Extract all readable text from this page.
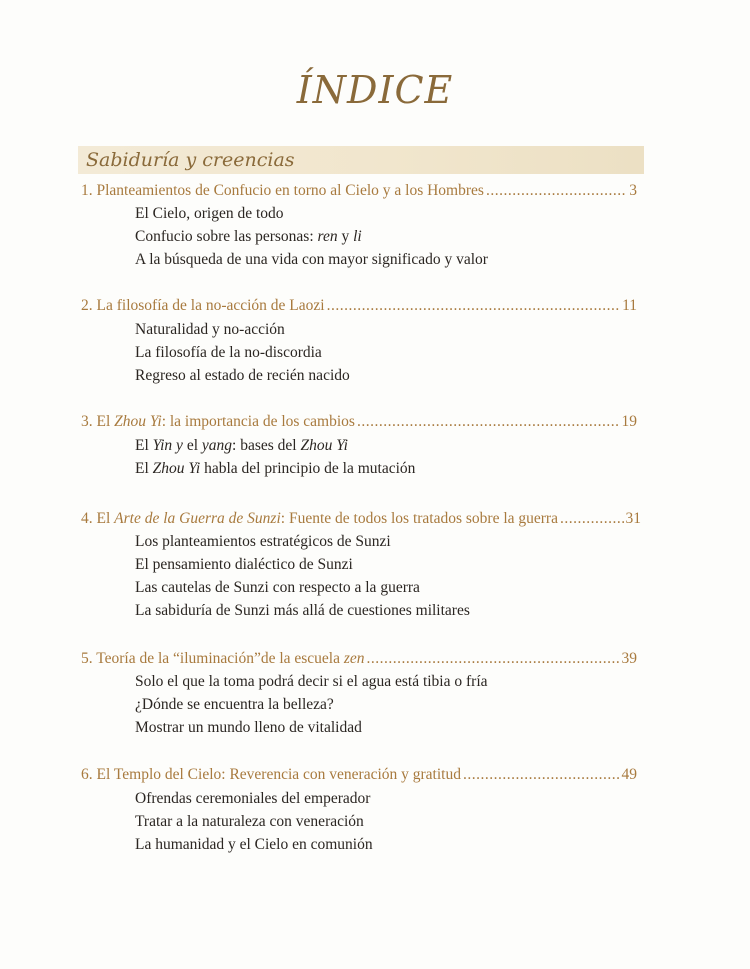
ÍNDICE
Sabiduría y creencias
1. Planteamientos de Confucio en torno al Cielo y a los Hombres .....	3
El Cielo, origen de todo
Confucio sobre las personas: ren y li
A la búsqueda de una vida con mayor significado y valor
2. La filosofía de la no-acción de Laozi .....	11
Naturalidad y no-acción
La filosofía de la no-discordia
Regreso al estado de recién nacido
3. El Zhou Yi: la importancia de los cambios .....	19
El Yin y el yang: bases del Zhou Yi
El Zhou Yi habla del principio de la mutación
4. El Arte de la Guerra de Sunzi: Fuente de todos los tratados sobre la guerra .....	31
Los planteamientos estratégicos de Sunzi
El pensamiento dialéctico de Sunzi
Las cautelas de Sunzi con respecto a la guerra
La sabiduría de Sunzi más allá de cuestiones militares
5. Teoría de la “iluminación”de la escuela zen .....	39
Solo el que la toma podrá decir si el agua está tibia o fría
¿Dónde se encuentra la belleza?
Mostrar un mundo lleno de vitalidad
6. El Templo del Cielo: Reverencia con veneración y gratitud .....	49
Ofrendas ceremoniales del emperador
Tratar a la naturaleza con veneración
La humanidad y el Cielo en comunión
